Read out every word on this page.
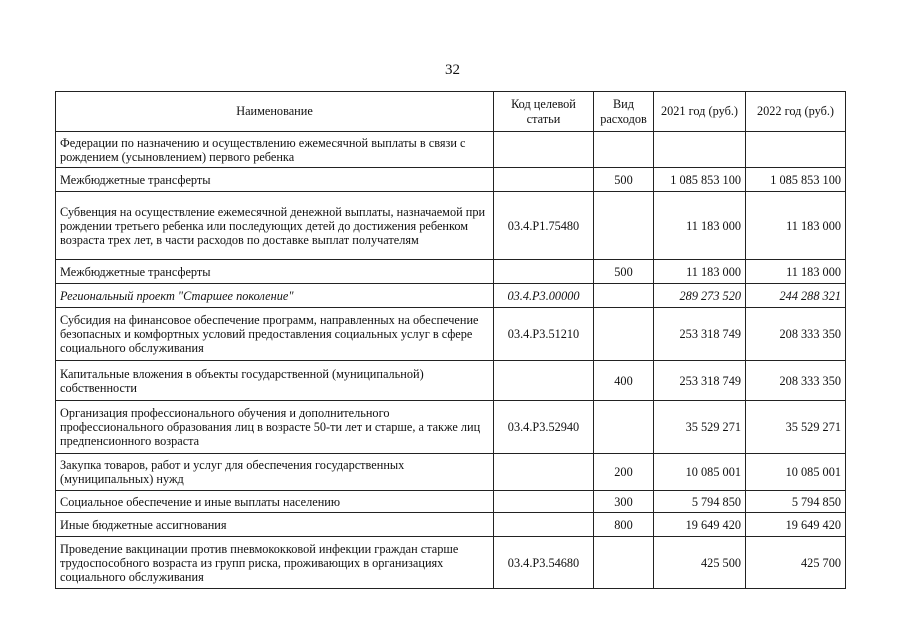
32
Наименование	Код целевой статьи	Вид расходов	2021 год (руб.)	2022 год (руб.)
Федерации по назначению и осуществлению ежемесячной выплаты в связи с рождением (усыновлением) первого ребенка				
Межбюджетные трансферты		500	1 085 853 100	1 085 853 100
Субвенция на осуществление ежемесячной денежной выплаты, назначаемой при рождении третьего ребенка или последующих детей до достижения ребенком возраста трех лет, в части расходов по доставке выплат получателям	03.4.Р1.75480		11 183 000	11 183 000
Межбюджетные трансферты		500	11 183 000	11 183 000
Региональный проект "Старшее поколение"	03.4.Р3.00000		289 273 520	244 288 321
Субсидия на финансовое обеспечение программ, направленных на обеспечение безопасных и комфортных условий предоставления социальных услуг в сфере социального обслуживания	03.4.Р3.51210		253 318 749	208 333 350
Капитальные вложения в объекты государственной (муниципальной) собственности		400	253 318 749	208 333 350
Организация профессионального обучения и дополнительного профессионального образования лиц в возрасте 50-ти лет и старше, а также лиц предпенсионного возраста	03.4.Р3.52940		35 529 271	35 529 271
Закупка товаров, работ и услуг для обеспечения государственных (муниципальных) нужд		200	10 085 001	10 085 001
Социальное обеспечение и иные выплаты населению		300	5 794 850	5 794 850
Иные бюджетные ассигнования		800	19 649 420	19 649 420
Проведение вакцинации против пневмококковой инфекции граждан старше трудоспособного возраста из групп риска, проживающих в организациях социального обслуживания	03.4.Р3.54680		425 500	425 700
